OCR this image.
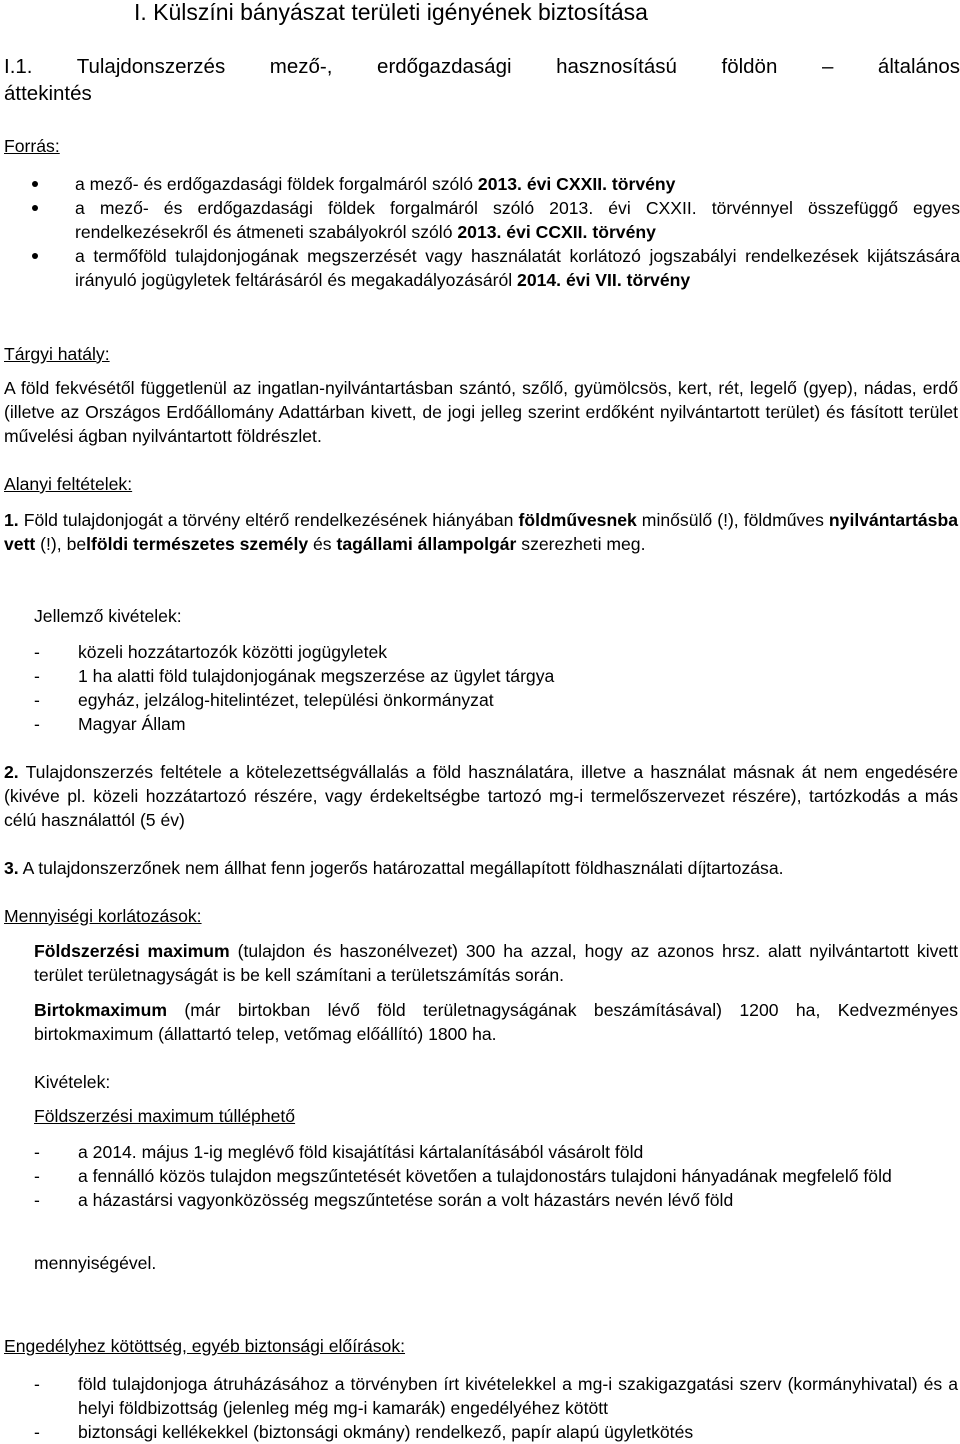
I. Külszíni bányászat területi igényének biztosítása
I.1. Tulajdonszerzés mező-, erdőgazdasági hasznosítású földön – általános
áttekintés
Forrás:
a mező- és erdőgazdasági földek forgalmáról szóló 2013. évi CXXII. törvény
a mező- és erdőgazdasági földek forgalmáról szóló 2013. évi CXXII. törvénnyel összefüggő egyes rendelkezésekről és átmeneti szabályokról szóló 2013. évi CCXII. törvény
a termőföld tulajdonjogának megszerzését vagy használatát korlátozó jogszabályi rendelkezések kijátszására irányuló jogügyletek feltárásáról és megakadályozásáról 2014. évi VII. törvény
Tárgyi hatály:
A föld fekvésétől függetlenül az ingatlan-nyilvántartásban szántó, szőlő, gyümölcsös, kert, rét, legelő (gyep), nádas, erdő (illetve az Országos Erdőállomány Adattárban kivett, de jogi jelleg szerint erdőként nyilvántartott terület) és fásított terület művelési ágban nyilvántartott földrészlet.
Alanyi feltételek:
1. Föld tulajdonjogát a törvény eltérő rendelkezésének hiányában földművesnek minősülő (!), földműves nyilvántartásba vett (!), belföldi természetes személy és tagállami állampolgár szerezheti meg.
Jellemző kivételek:
- közeli hozzátartozók közötti jogügyletek
- 1 ha alatti föld tulajdonjogának megszerzése az ügylet tárgya
- egyház, jelzálog-hitelintézet, települési önkormányzat
- Magyar Állam
2. Tulajdonszerzés feltétele a kötelezettségvállalás a föld használatára, illetve a használat másnak át nem engedésére (kivéve pl. közeli hozzátartozó részére, vagy érdekeltségbe tartozó mg-i termelőszervezet részére), tartózkodás a más célú használattól (5 év)
3. A tulajdonszerzőnek nem állhat fenn jogerős határozattal megállapított földhasználati díjtartozása.
Mennyiségi korlátozások:
Földszerzési maximum (tulajdon és haszonélvezet) 300 ha azzal, hogy az azonos hrsz. alatt nyilvántartott kivett terület területnagyságát is be kell számítani a területszámítás során.
Birtokmaximum (már birtokban lévő föld területnagyságának beszámításával) 1200 ha, Kedvezményes birtokmaximum (állattartó telep, vetőmag előállító) 1800 ha.
Kivételek:
Földszerzési maximum túlléphető
- a 2014. május 1-ig meglévő föld kisajátítási kártalanításából vásárolt föld
- a fennálló közös tulajdon megszűntetését követően a tulajdonostárs tulajdoni hányadának megfelelő föld
- a házastársi vagyonközösség megszűntetése során a volt házastárs nevén lévő föld
mennyiségével.
Engedélyhez kötöttség, egyéb biztonsági előírások:
- föld tulajdonjoga átruházásához a törvényben írt kivételekkel a mg-i szakigazgatási szerv (kormányhivatal) és a helyi földbizottság (jelenleg még mg-i kamarák) engedélyéhez kötött
- biztonsági kellékekkel (biztonsági okmány) rendelkező, papír alapú ügyletkötés
